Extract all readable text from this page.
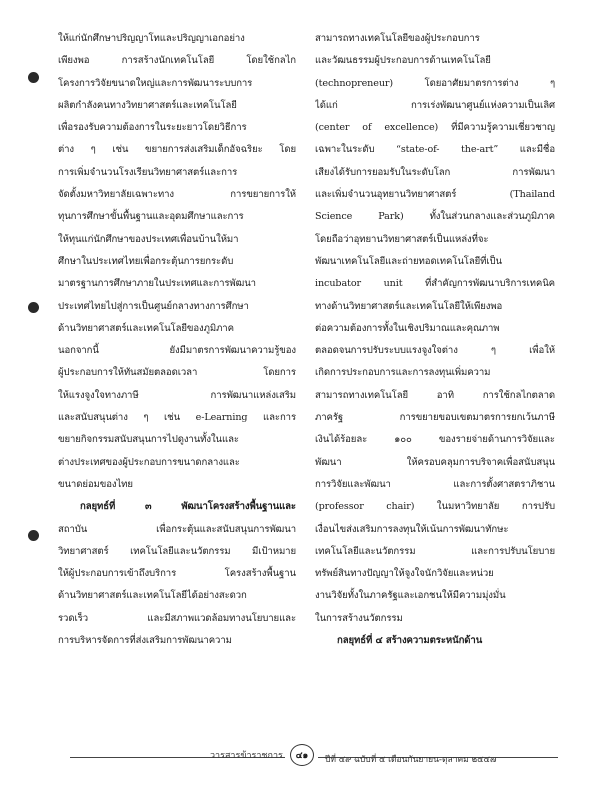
ให้แก่นักศึกษาปริญญาโทและปริญญาเอกอย่าง
เพียงพอ การสร้างนักเทคโนโลยี โดยใช้กลไก
โครงการวิจัยขนาดใหญ่และการพัฒนาระบบการ
ผลิตกำลังคนทางวิทยาศาสตร์และเทคโนโลยี
เพื่อรองรับความต้องการในระยะยาวโดยวิธีการ
ต่าง ๆ เช่น ขยายการส่งเสริมเด็กอัจฉริยะ โดย
การเพิ่มจำนวนโรงเรียนวิทยาศาสตร์และการ
จัดตั้งมหาวิทยาลัยเฉพาะทาง การขยายการให้
ทุนการศึกษาขั้นพื้นฐานและอุดมศึกษาและการ
ให้ทุนแก่นักศึกษาของประเทศเพื่อนบ้านให้มา
ศึกษาในประเทศไทยเพื่อกระตุ้นการยกระดับ
มาตรฐานการศึกษาภายในประเทศและการพัฒนา
ประเทศไทยไปสู่การเป็นศูนย์กลางทางการศึกษา
ด้านวิทยาศาสตร์และเทคโนโลยีของภูมิภาค
นอกจากนี้ ยังมีมาตรการพัฒนาความรู้ของ
ผู้ประกอบการให้ทันสมัยตลอดเวลา โดยการ
ให้แรงจูงใจทางภาษี การพัฒนาแหล่งเสริม
และสนับสนุนต่าง ๆ เช่น e-Learning และการ
ขยายกิจกรรมสนับสนุนการไปดูงานทั้งในและ
ต่างประเทศของผู้ประกอบการขนาดกลางและ
ขนาดย่อมของไทย
กลยุทธ์ที่ ๓ พัฒนาโครงสร้างพื้นฐานและ
สถาบัน เพื่อกระตุ้นและสนับสนุนการพัฒนา
วิทยาศาสตร์ เทคโนโลยีและนวัตกรรม มีเป้าหมาย
ให้ผู้ประกอบการเข้าถึงบริการ โครงสร้างพื้นฐาน
ด้านวิทยาศาสตร์และเทคโนโลยีได้อย่างสะดวก
รวดเร็ว และมีสภาพแวดล้อมทางนโยบายและ
การบริหารจัดการที่ส่งเสริมการพัฒนาความ
สามารถทางเทคโนโลยีของผู้ประกอบการ
และวัฒนธรรมผู้ประกอบการด้านเทคโนโลยี
(technopreneur) โดยอาศัยมาตรการต่าง ๆ
ได้แก่ การเร่งพัฒนาศูนย์แห่งความเป็นเลิศ
(center of excellence) ที่มีความรู้ความเชี่ยวชาญ
เฉพาะในระดับ “state-of- the-art” และมีชื่อ
เสียงได้รับการยอมรับในระดับโลก การพัฒนา
และเพิ่มจำนวนอุทยานวิทยาศาสตร์ (Thailand
Science Park) ทั้งในส่วนกลางและส่วนภูมิภาค
โดยถือว่าอุทยานวิทยาศาสตร์เป็นแหล่งที่จะ
พัฒนาเทคโนโลยีและถ่ายทอดเทคโนโลยีที่เป็น
incubator unit ที่สำคัญการพัฒนาบริการเทคนิค
ทางด้านวิทยาศาสตร์และเทคโนโลยีให้เพียงพอ
ต่อความต้องการทั้งในเชิงปริมาณและคุณภาพ
ตลอดจนการปรับระบบแรงจูงใจต่าง ๆ เพื่อให้
เกิดการประกอบการและการลงทุนเพิ่มความ
สามารถทางเทคโนโลยี อาทิ การใช้กลไกตลาด
ภาครัฐ การขยายขอบเขตมาตรการยกเว้นภาษี
เงินได้ร้อยละ ๑๐๐ ของรายจ่ายด้านการวิจัยและ
พัฒนา ให้ครอบคลุมการบริจาคเพื่อสนับสนุน
การวิจัยและพัฒนา และการตั้งศาสตราภิชาน
(professor chair) ในมหาวิทยาลัย การปรับ
เงื่อนไขส่งเสริมการลงทุนให้เน้นการพัฒนาทักษะ
เทคโนโลยีและนวัตกรรม และการปรับนโยบาย
ทรัพย์สินทางปัญญาให้จูงใจนักวิจัยและหน่วย
งานวิจัยทั้งในภาครัฐและเอกชนให้มีความมุ่งมั่น
ในการสร้างนวัตกรรม
กลยุทธ์ที่ ๔ สร้างความตระหนักด้าน
วารสารข้าราชการ	๔๑	ปีที่ ๔๙ ฉบับที่ ๕ เดือนกันยายน-ตุลาคม ๒๕๔๗
